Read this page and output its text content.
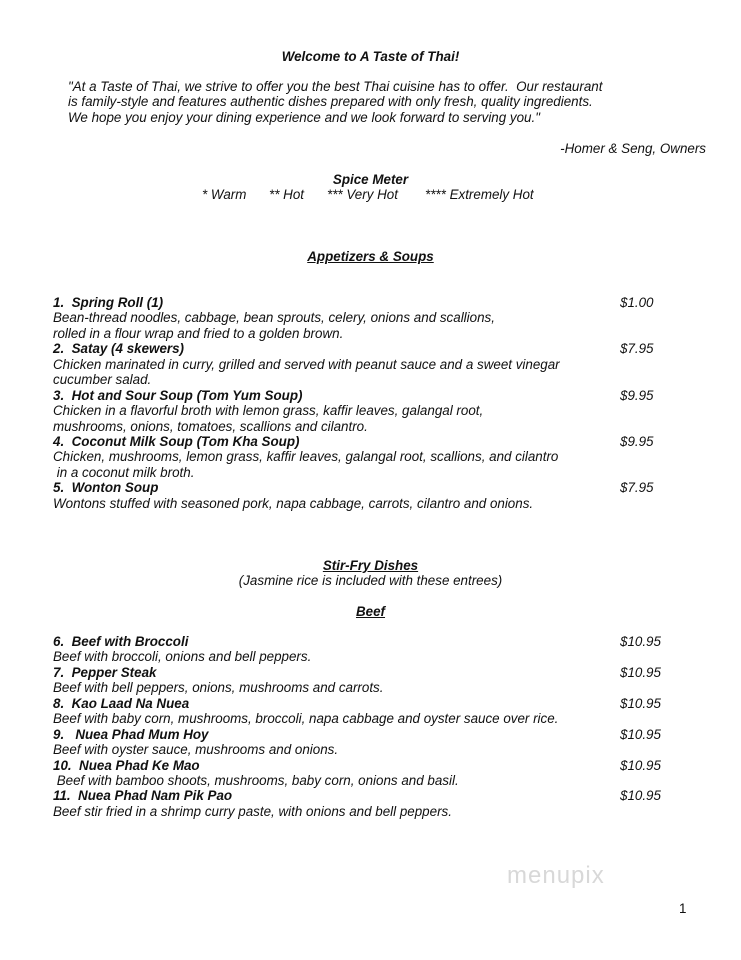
Welcome to A Taste of Thai!
"At a Taste of Thai, we strive to offer you the best Thai cuisine has to offer.  Our restaurant
is family-style and features authentic dishes prepared with only fresh, quality ingredients.
We hope you enjoy your dining experience and we look forward to serving you."
-Homer & Seng, Owners
Spice Meter
* Warm ** Hot *** Very Hot **** Extremely Hot
Appetizers & Soups
1.  Spring Roll (1)	$1.00
Bean-thread noodles, cabbage, bean sprouts, celery, onions and scallions,
rolled in a flour wrap and fried to a golden brown.
2.  Satay (4 skewers)	$7.95
Chicken marinated in curry, grilled and served with peanut sauce and a sweet vinegar
cucumber salad.
3.  Hot and Sour Soup (Tom Yum Soup)	$9.95
Chicken in a flavorful broth with lemon grass, kaffir leaves, galangal root,
mushrooms, onions, tomatoes, scallions and cilantro.
4.  Coconut Milk Soup (Tom Kha Soup)	$9.95
Chicken, mushrooms, lemon grass, kaffir leaves, galangal root, scallions, and cilantro
in a coconut milk broth.
5.  Wonton Soup	$7.95
Wontons stuffed with seasoned pork, napa cabbage, carrots, cilantro and onions.
Stir-Fry Dishes
(Jasmine rice is included with these entrees)
Beef
6.  Beef with Broccoli	$10.95
Beef with broccoli, onions and bell peppers.
7.  Pepper Steak	$10.95
Beef with bell peppers, onions, mushrooms and carrots.
8.  Kao Laad Na Nuea	$10.95
Beef with baby corn, mushrooms, broccoli, napa cabbage and oyster sauce over rice.
9.   Nuea Phad Mum Hoy	$10.95
Beef with oyster sauce, mushrooms and onions.
10.  Nuea Phad Ke Mao	$10.95
Beef with bamboo shoots, mushrooms, baby corn, onions and basil.
11.  Nuea Phad Nam Pik Pao	$10.95
Beef stir fried in a shrimp curry paste, with onions and bell peppers.
menupix
1
